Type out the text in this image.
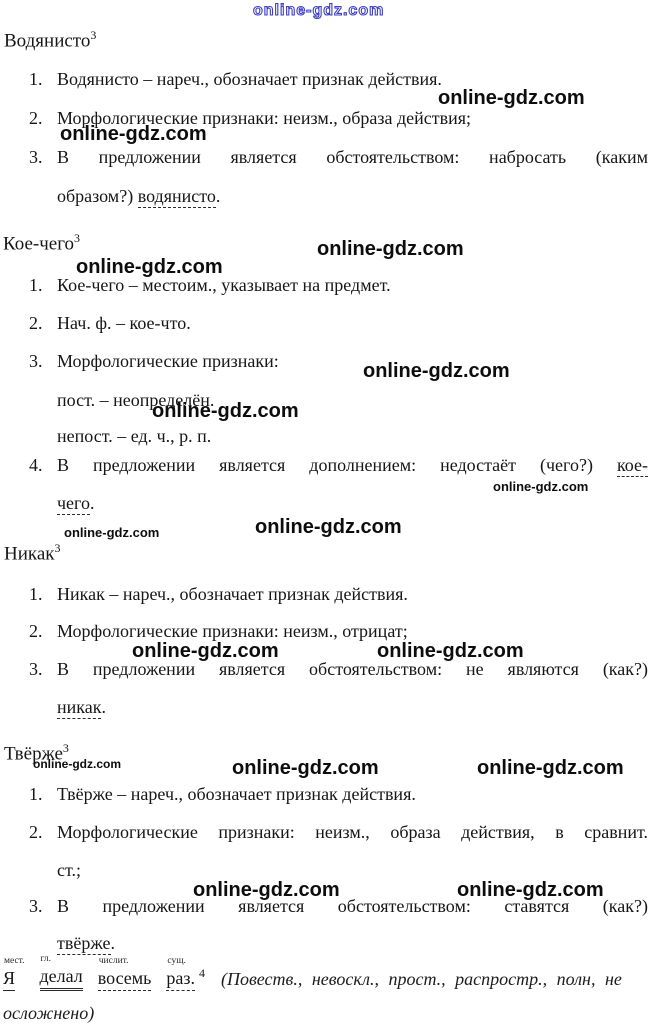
online-gdz.com
online-gdz.com
online-gdz.com
online-gdz.com
online-gdz.com
online-gdz.com
online-gdz.com
online-gdz.com
online-gdz.com	online-gdz.com
online-gdz.com	online-gdz.com
online-gdz.com	online-gdz.com	online-gdz.com
online-gdz.com	online-gdz.com
Водянисто$^3$
1. Водянисто – нареч., обозначает признак действия.
2. Морфологические признаки: неизм., образа действия;
3. В предложении является обстоятельством: набросать (каким
образом?) водянисто.
Кое-чего$^3$
1. Кое-чего – местоим., указывает на предмет.
2. Нач. ф. – кое-что.
3. Морфологические признаки:
пост. – неопределён.
непост. – ед. ч., р. п.
4. В предложении является дополнением: недостаёт (чего?) кое-
чего.
Никак$^3$
1. Никак – нареч., обозначает признак действия.
2. Морфологические признаки: неизм., отрицат;
3. В предложении является обстоятельством: не являются (как?)
никак.
Твёрже$^3$
1. Твёрже – нареч., обозначает признак действия.
2. Морфологические признаки: неизм., образа действия, в сравнит.
ст.;
3. В предложении является обстоятельством: ставятся (как?)
твёрже.
мест.
Я
гл.
делал
числит.
восемь
сущ.
раз. 4 (Повеств., невоскл., прост., распростр., полн, не
осложнено)
